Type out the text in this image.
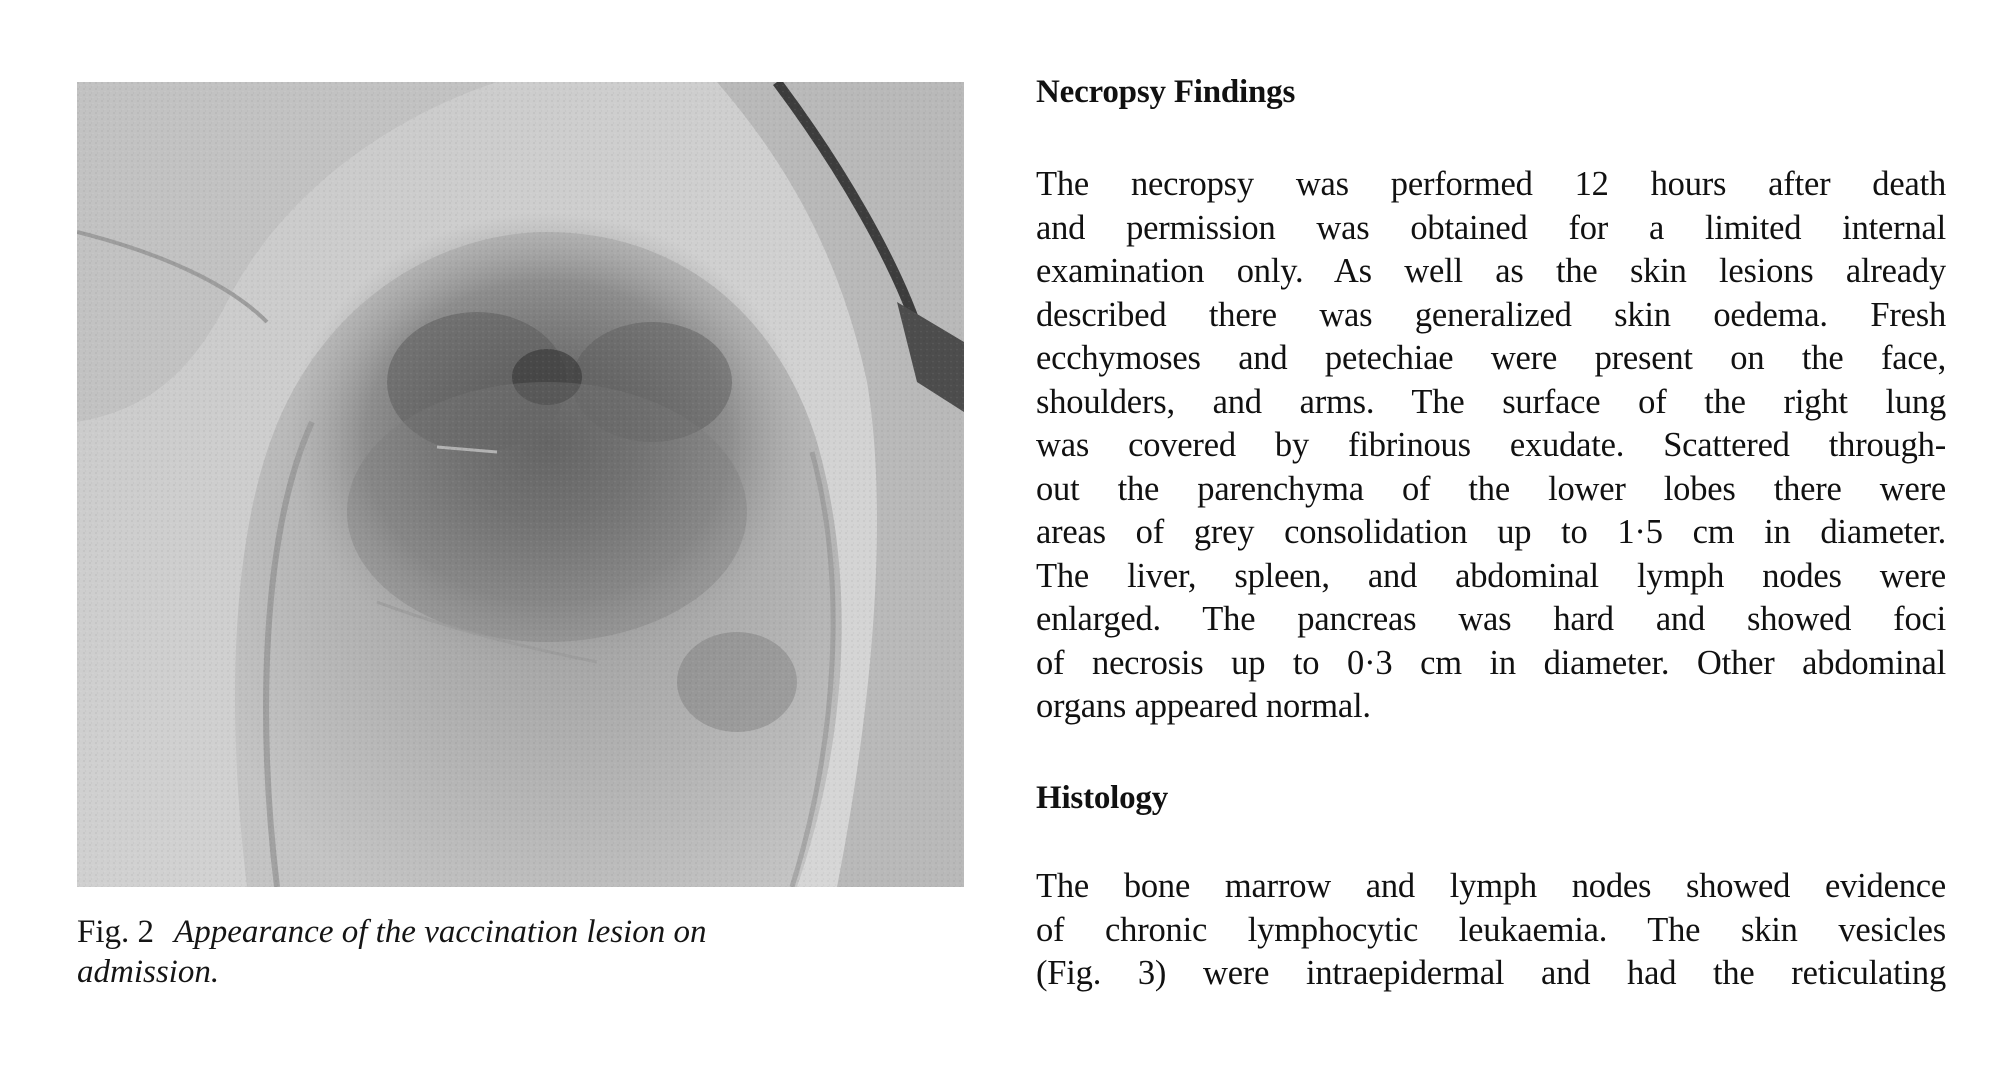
Fig. 2 Appearance of the vaccination lesion on
admission.
Necropsy Findings
The necropsy was performed 12 hours after death
and permission was obtained for a limited internal
examination only. As well as the skin lesions already
described there was generalized skin oedema. Fresh
ecchymoses and petechiae were present on the face,
shoulders, and arms. The surface of the right lung
was covered by fibrinous exudate. Scattered through-
out the parenchyma of the lower lobes there were
areas of grey consolidation up to 1·5 cm in diameter.
The liver, spleen, and abdominal lymph nodes were
enlarged. The pancreas was hard and showed foci
of necrosis up to 0·3 cm in diameter. Other abdominal
organs appeared normal.
Histology
The bone marrow and lymph nodes showed evidence
of chronic lymphocytic leukaemia. The skin vesicles
(Fig. 3) were intraepidermal and had the reticulating
